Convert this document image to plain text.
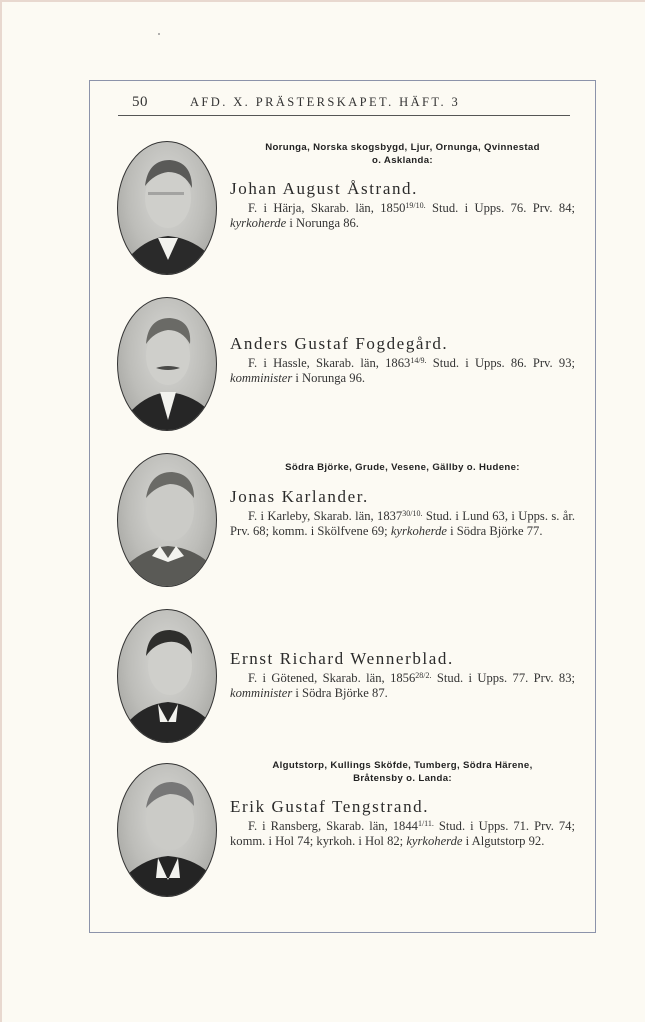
50	AFD. X. PRÄSTERSKAPET. HÄFT. 3
Norunga, Norska skogsbygd, Ljur, Ornunga, Qvinnestad
o. Asklanda:
Johan August Åstrand.
F. i Härja, Skarab. län, $1850^{19/10.}$ Stud. i Upps. 76. Prv. 84; kyrkoherde i Norunga 86.
Anders Gustaf Fogdegård.
F. i Hassle, Skarab. län, $1863^{14/9.}$ Stud. i Upps. 86. Prv. 93; komminister i Norunga 96.
Södra Björke, Grude, Vesene, Gällby o. Hudene:
Jonas Karlander.
F. i Karleby, Skarab. län, $1837^{30/10.}$ Stud. i Lund 63, i Upps. s. år. Prv. 68; komm. i Skölfvene 69; kyrkoherde i Södra Björke 77.
Ernst Richard Wennerblad.
F. i Götened, Skarab. län, $1856^{28/2.}$ Stud. i Upps. 77. Prv. 83; komminister i Södra Björke 87.
Algutstorp, Kullings Sköfde, Tumberg, Södra Härene,
Bråtensby o. Landa:
Erik Gustaf Tengstrand.
F. i Ransberg, Skarab. län, $1844^{1/11.}$ Stud. i Upps. 71. Prv. 74; komm. i Hol 74; kyrkoh. i Hol 82; kyrkoherde i Algutstorp 92.
